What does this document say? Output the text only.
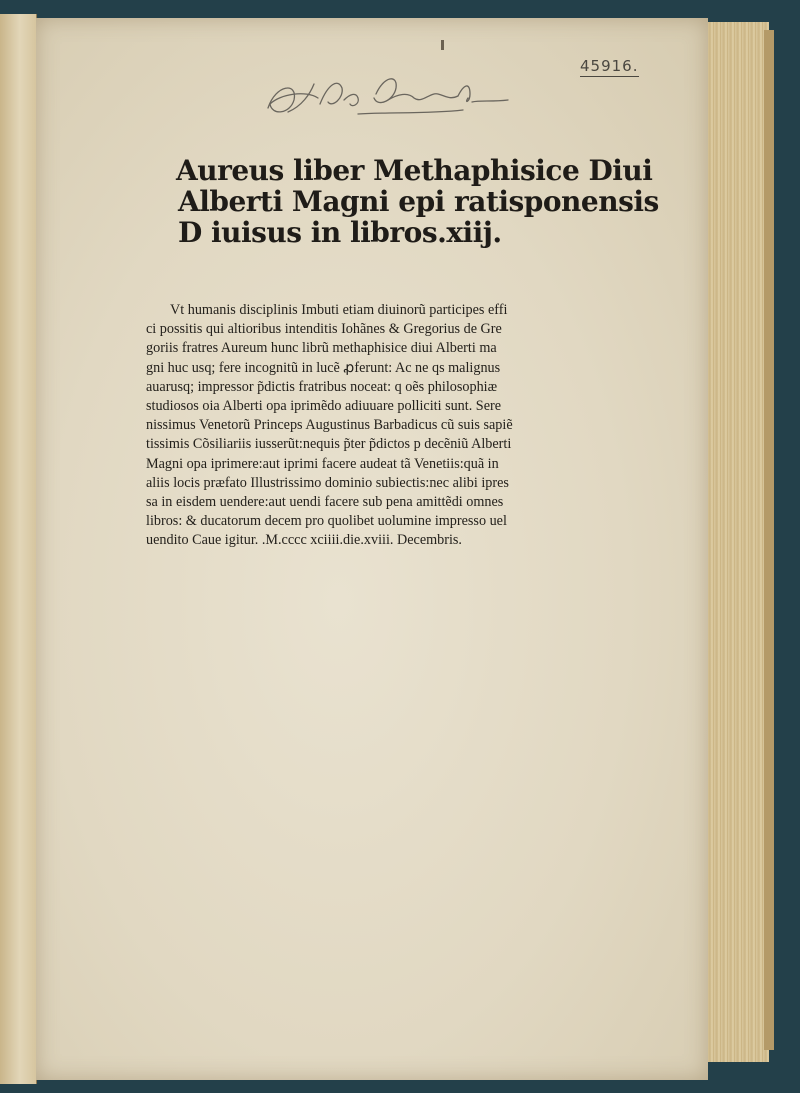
45916.
Aureus liber Methaphisice Diui
Alberti Magni epi ratisponensis
D iuisus in libros.xiij.
Vt humanis disciplinis Imbuti etiam diuinorũ participes effi
ci possitis qui altioribus intenditis Iohãnes & Gregorius de Gre
goriis fratres Aureum hunc librũ methaphisice diui Alberti ma
gni huc usq; fere incognitũ in lucẽ ꝓferunt: Ac ne qs malignus
auarusq; impressor p̃dictis fratribus noceat: q oẽs philosophiæ
studiosos oia Alberti opa iprimẽdo adiuuare polliciti sunt. Sere
nissimus Venetorũ Princeps Augustinus Barbadicus cũ suis sapiẽ
tissimis Cõsiliariis iusserũt:nequis p̃ter p̃dictos p decẽniũ Alberti
Magni opa iprimere:aut iprimi facere audeat tã Venetiis:quã in
aliis locis præfato Illustrissimo dominio subiectis:nec alibi ipres
sa in eisdem uendere:aut uendi facere sub pena amittẽdi omnes
libros: & ducatorum decem pro quolibet uolumine impresso uel
uendito Caue igitur. .M.cccc xciiii.die.xviii. Decembris.
